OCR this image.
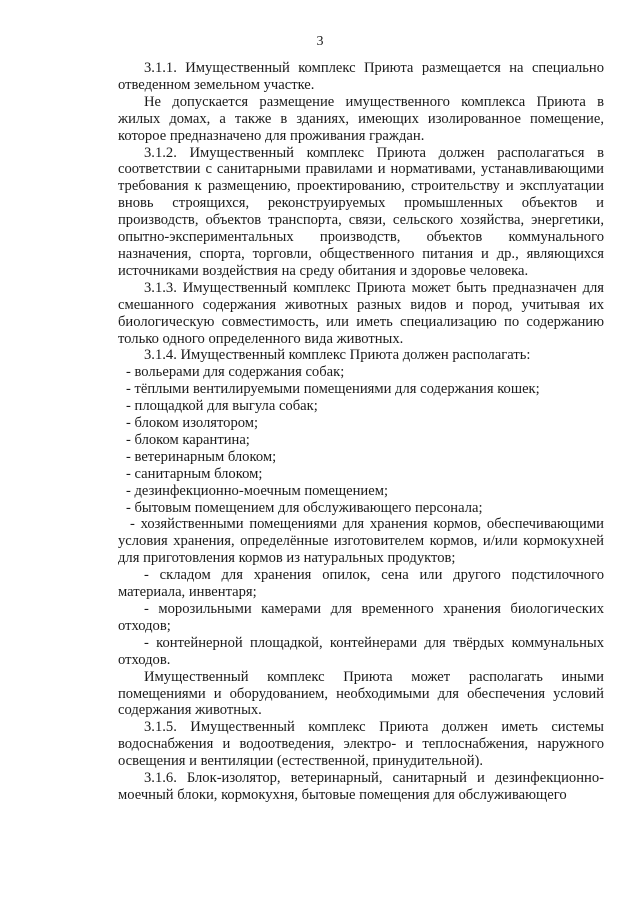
3

3.1.1. Имущественный комплекс Приюта размещается на специально отведенном земельном участке.

Не допускается размещение имущественного комплекса Приюта в жилых домах, а также в зданиях, имеющих изолированное помещение, которое предназначено для проживания граждан.

3.1.2. Имущественный комплекс Приюта должен располагаться в соответствии с санитарными правилами и нормативами, устанавливающими требования к размещению, проектированию, строительству и эксплуатации вновь строящихся, реконструируемых промышленных объектов и производств, объектов транспорта, связи, сельского хозяйства, энергетики, опытно-экспериментальных производств, объектов коммунального назначения, спорта, торговли, общественного питания и др., являющихся источниками воздействия на среду обитания и здоровье человека.

3.1.3. Имущественный комплекс Приюта может быть предназначен для смешанного содержания животных разных видов и пород, учитывая их биологическую совместимость, или иметь специализацию по содержанию только одного определенного вида животных.

3.1.4. Имущественный комплекс Приюта должен располагать:

- вольерами для содержания собак;

- тёплыми вентилируемыми помещениями для содержания кошек;

- площадкой для выгула собак;

- блоком изолятором;

- блоком карантина;

- ветеринарным блоком;

- санитарным блоком;

- дезинфекционно-моечным помещением;

- бытовым помещением для обслуживающего персонала;

- хозяйственными помещениями для хранения кормов, обеспечивающими условия хранения, определённые изготовителем кормов, и/или кормокухней для приготовления кормов из натуральных продуктов;

- складом для хранения опилок, сена или другого подстилочного материала, инвентаря;

- морозильными камерами для временного хранения биологических отходов;

- контейнерной площадкой, контейнерами для твёрдых коммунальных отходов.

Имущественный комплекс Приюта может располагать иными помещениями и оборудованием, необходимыми для обеспечения условий содержания животных.

3.1.5. Имущественный комплекс Приюта должен иметь системы водоснабжения и водоотведения, электро- и теплоснабжения, наружного освещения и вентиляции (естественной, принудительной).

3.1.6. Блок-изолятор, ветеринарный, санитарный и дезинфекционно-моечный блоки, кормокухня, бытовые помещения для обслуживающего
